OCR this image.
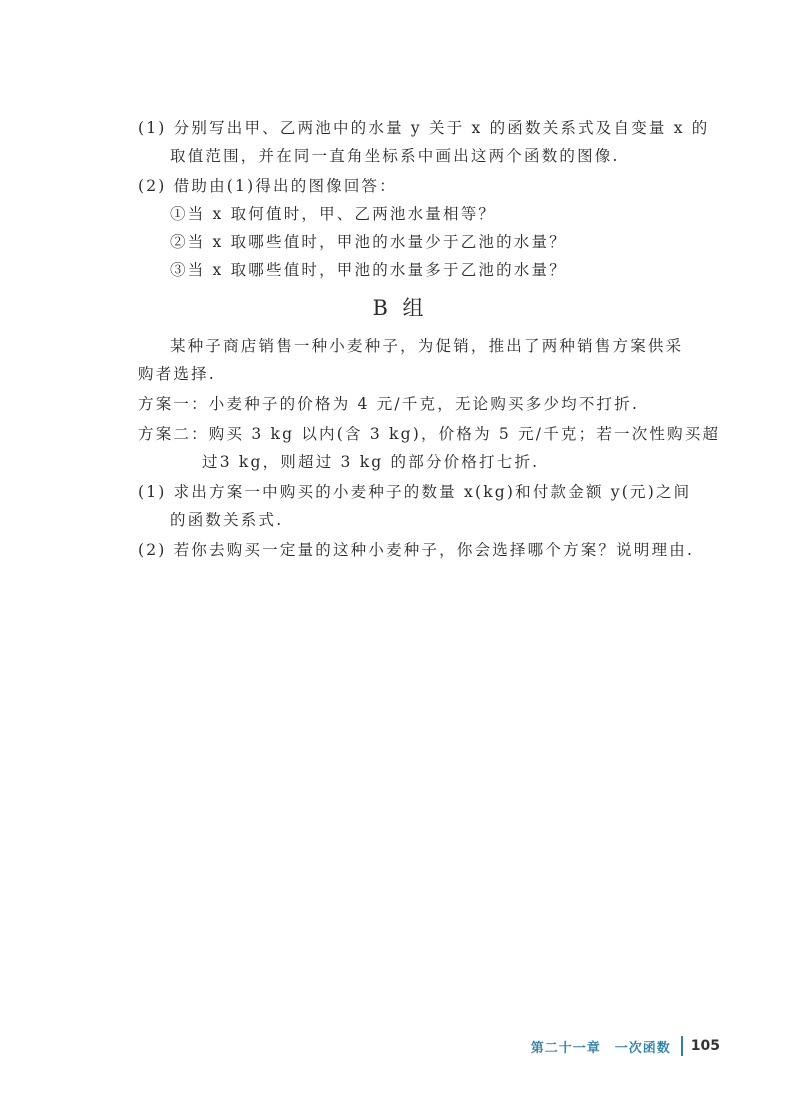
(1) 分别写出甲、乙两池中的水量 y 关于 x 的函数关系式及自变量 x 的
取值范围，并在同一直角坐标系中画出这两个函数的图像.
(2) 借助由(1)得出的图像回答：
①当 x 取何值时，甲、乙两池水量相等？
②当 x 取哪些值时，甲池的水量少于乙池的水量？
③当 x 取哪些值时，甲池的水量多于乙池的水量？
B 组
某种子商店销售一种小麦种子，为促销，推出了两种销售方案供采
购者选择.
方案一：小麦种子的价格为 4 元/千克，无论购买多少均不打折.
方案二：购买 3 kg 以内(含 3 kg)，价格为 5 元/千克；若一次性购买超
过3 kg，则超过 3 kg 的部分价格打七折.
(1) 求出方案一中购买的小麦种子的数量 x(kg)和付款金额 y(元)之间
的函数关系式.
(2) 若你去购买一定量的这种小麦种子，你会选择哪个方案？说明理由.
第二十一章 一次函数 105
